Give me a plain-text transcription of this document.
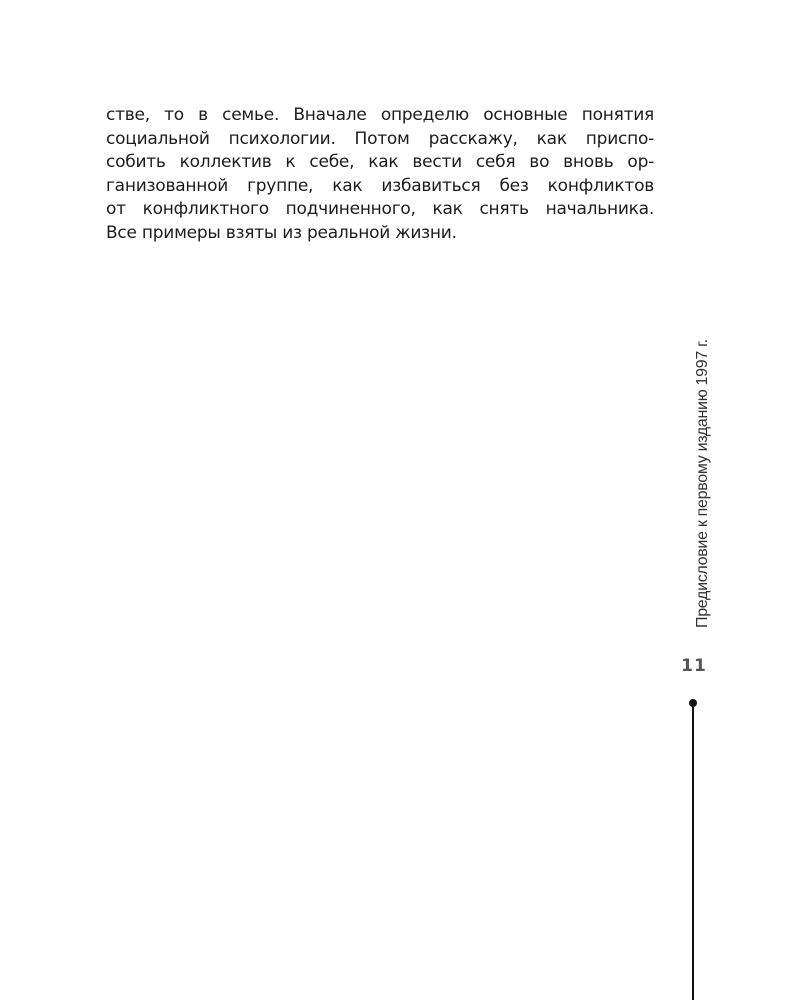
стве, то в семье. Вначале определю основные понятия
социальной психологии. Потом расскажу, как приспо-
собить коллектив к себе, как вести себя во вновь ор-
ганизованной группе, как избавиться без конфликтов
от конфликтного подчиненного, как снять начальника.
Все примеры взяты из реальной жизни.

Предисловие к первому изданию 1997 г.
11
